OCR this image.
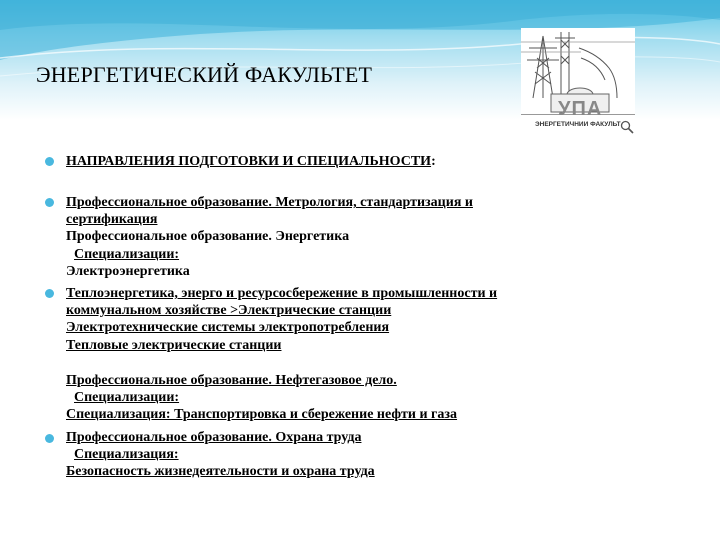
ЭНЕРГЕТИЧЕСКИЙ ФАКУЛЬТЕТ
УПА
ЭНЕРГЕТИЧНИИ ФАКУЛЬТ
НАПРАВЛЕНИЯ ПОДГОТОВКИ И СПЕЦИАЛЬНОСТИ:
Профессиональное образование. Метрология, стандартизация и
сертификация
Профессиональное образование. Энергетика
Специализации:
Электроэнергетика
Теплоэнергетика, энерго и ресурсосбережение в промышленности и
коммунальном хозяйстве >Электрические станции
Электротехнические системы электропотребления
Тепловые электрические станции
Профессиональное образование. Нефтегазовое дело.
Специализации:
Специализация: Транспортировка и сбережение нефти и газа
Профессиональное образование. Охрана труда
Специализация:
Безопасность жизнедеятельности и охрана труда
